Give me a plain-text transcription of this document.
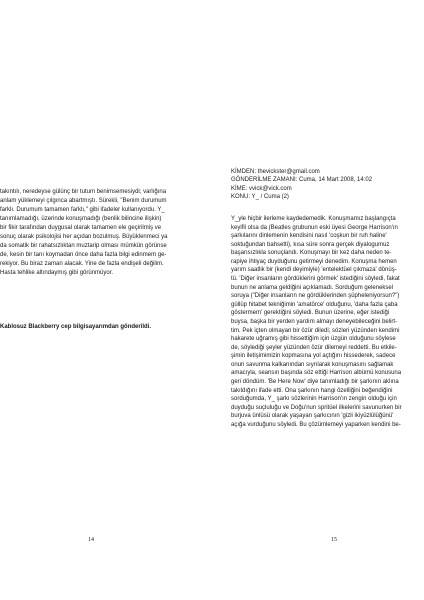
takıntılı, neredeyse gülünç bir tutum benimsemesiydi; varlığına
anlam yüklemeyi çılgınca abartmıştı. Sürekli, "Benim durumum
farklı. Durumum tamamen farklı," gibi ifadeler kullanıyordu. Y_
tanımlamadığı, üzerinde konuşmadığı (benlik bilincine ilişkin)
bir fikir tarafından duygusal olarak tamamen ele geçirilmiş ve
sonuç olarak psikolojisi her açıdan bozulmuş. Büyüklenmeci ya
da somatik bir rahatsızlıktan muztarip olması mümkün görünse
de, kesin bir tanı koymadan önce daha fazla bilgi edinmem ge-
rekiyor. Bu biraz zaman alacak. Yine de fazla endişeli değilim.
Hasta tehlike altındaymış gibi görünmüyor.
Kablosuz Blackberry cep bilgisayarımdan gönderildi.
14
KİMDEN: thevickster@gmail.com
GÖNDERİLME ZAMANI: Cuma, 14 Mart 2008, 14:02
KİME: vvick@vick.com
KONU: Y_ / Cuma (2)
Y_yle hiçbir ilerleme kaydedemedik. Konuşmamız başlangıçta
keyifli olsa da (Beatles grubunun eski üyesi George Harrison'ın
şarkılarını dinlemenin kendisini nasıl 'coşkun bir ruh haline'
soktuğundan bahsetti), kısa süre sonra gerçek diyalogumuz
başarısızlıkla sonuçlandı. Konuşmayı bir kez daha neden te-
rapiye ihtiyaç duyduğunu getirmeyi denedim. Konuşma hemen
yarım saatlik bir (kendi deyimiyle) 'entelektüel çıkmaza' dönüş-
tü. 'Diğer insanların gördüklerini görmek' istediğini söyledi, fakat
bunun ne anlama geldiğini açıklamadı. Sorduğum geleneksel
soruya ("Diğer insanların ne gördüklerinden şüpheleniyorsun?")
güllüp hitabet tekniğimin 'amatörce' olduğunu, 'daha fazla çaba
göstermem' gerektiğini söyledi. Bunun üzerine, eğer istediği
buysa, başka bir yerden yardım almayı deneyebileceğini belirt-
tim. Pek içten olmayan bir özür diledi; sözleri yüzünden kendimi
hakarete uğramış gibi hissettiğim için üzgün olduğunu söylese
de, söylediği şeyler yüzünden özür dilemeyi reddetti. Bu etkile-
şimin iletişimimizin kopmasına yol açtığını hissederek, sadece
onun savunma kalkanından sıyrılarak konuşmasını sağlamak
amacıyla, seansın başında söz ettiği Harrison albümü konusuna
geri döndüm. 'Be Here Now' diye tanımladığı bir şarkının aklına
takıldığını ifade etti. Ona şarkının hangi özelliğini beğendiğini
sorduğumda, Y_ şarkı sözlerinin Harrison'ın zengin olduğu için
duyduğu suçluluğu ve Doğu'nun spritüel ilkelerini savunurken bir
burjuva ünlüsü olarak yaşayan şarkıcının 'gizli ikiyüzlülüğünü'
açığa vurduğunu söyledi. Bu çözümlemeyi yaparken kendini be-
15
